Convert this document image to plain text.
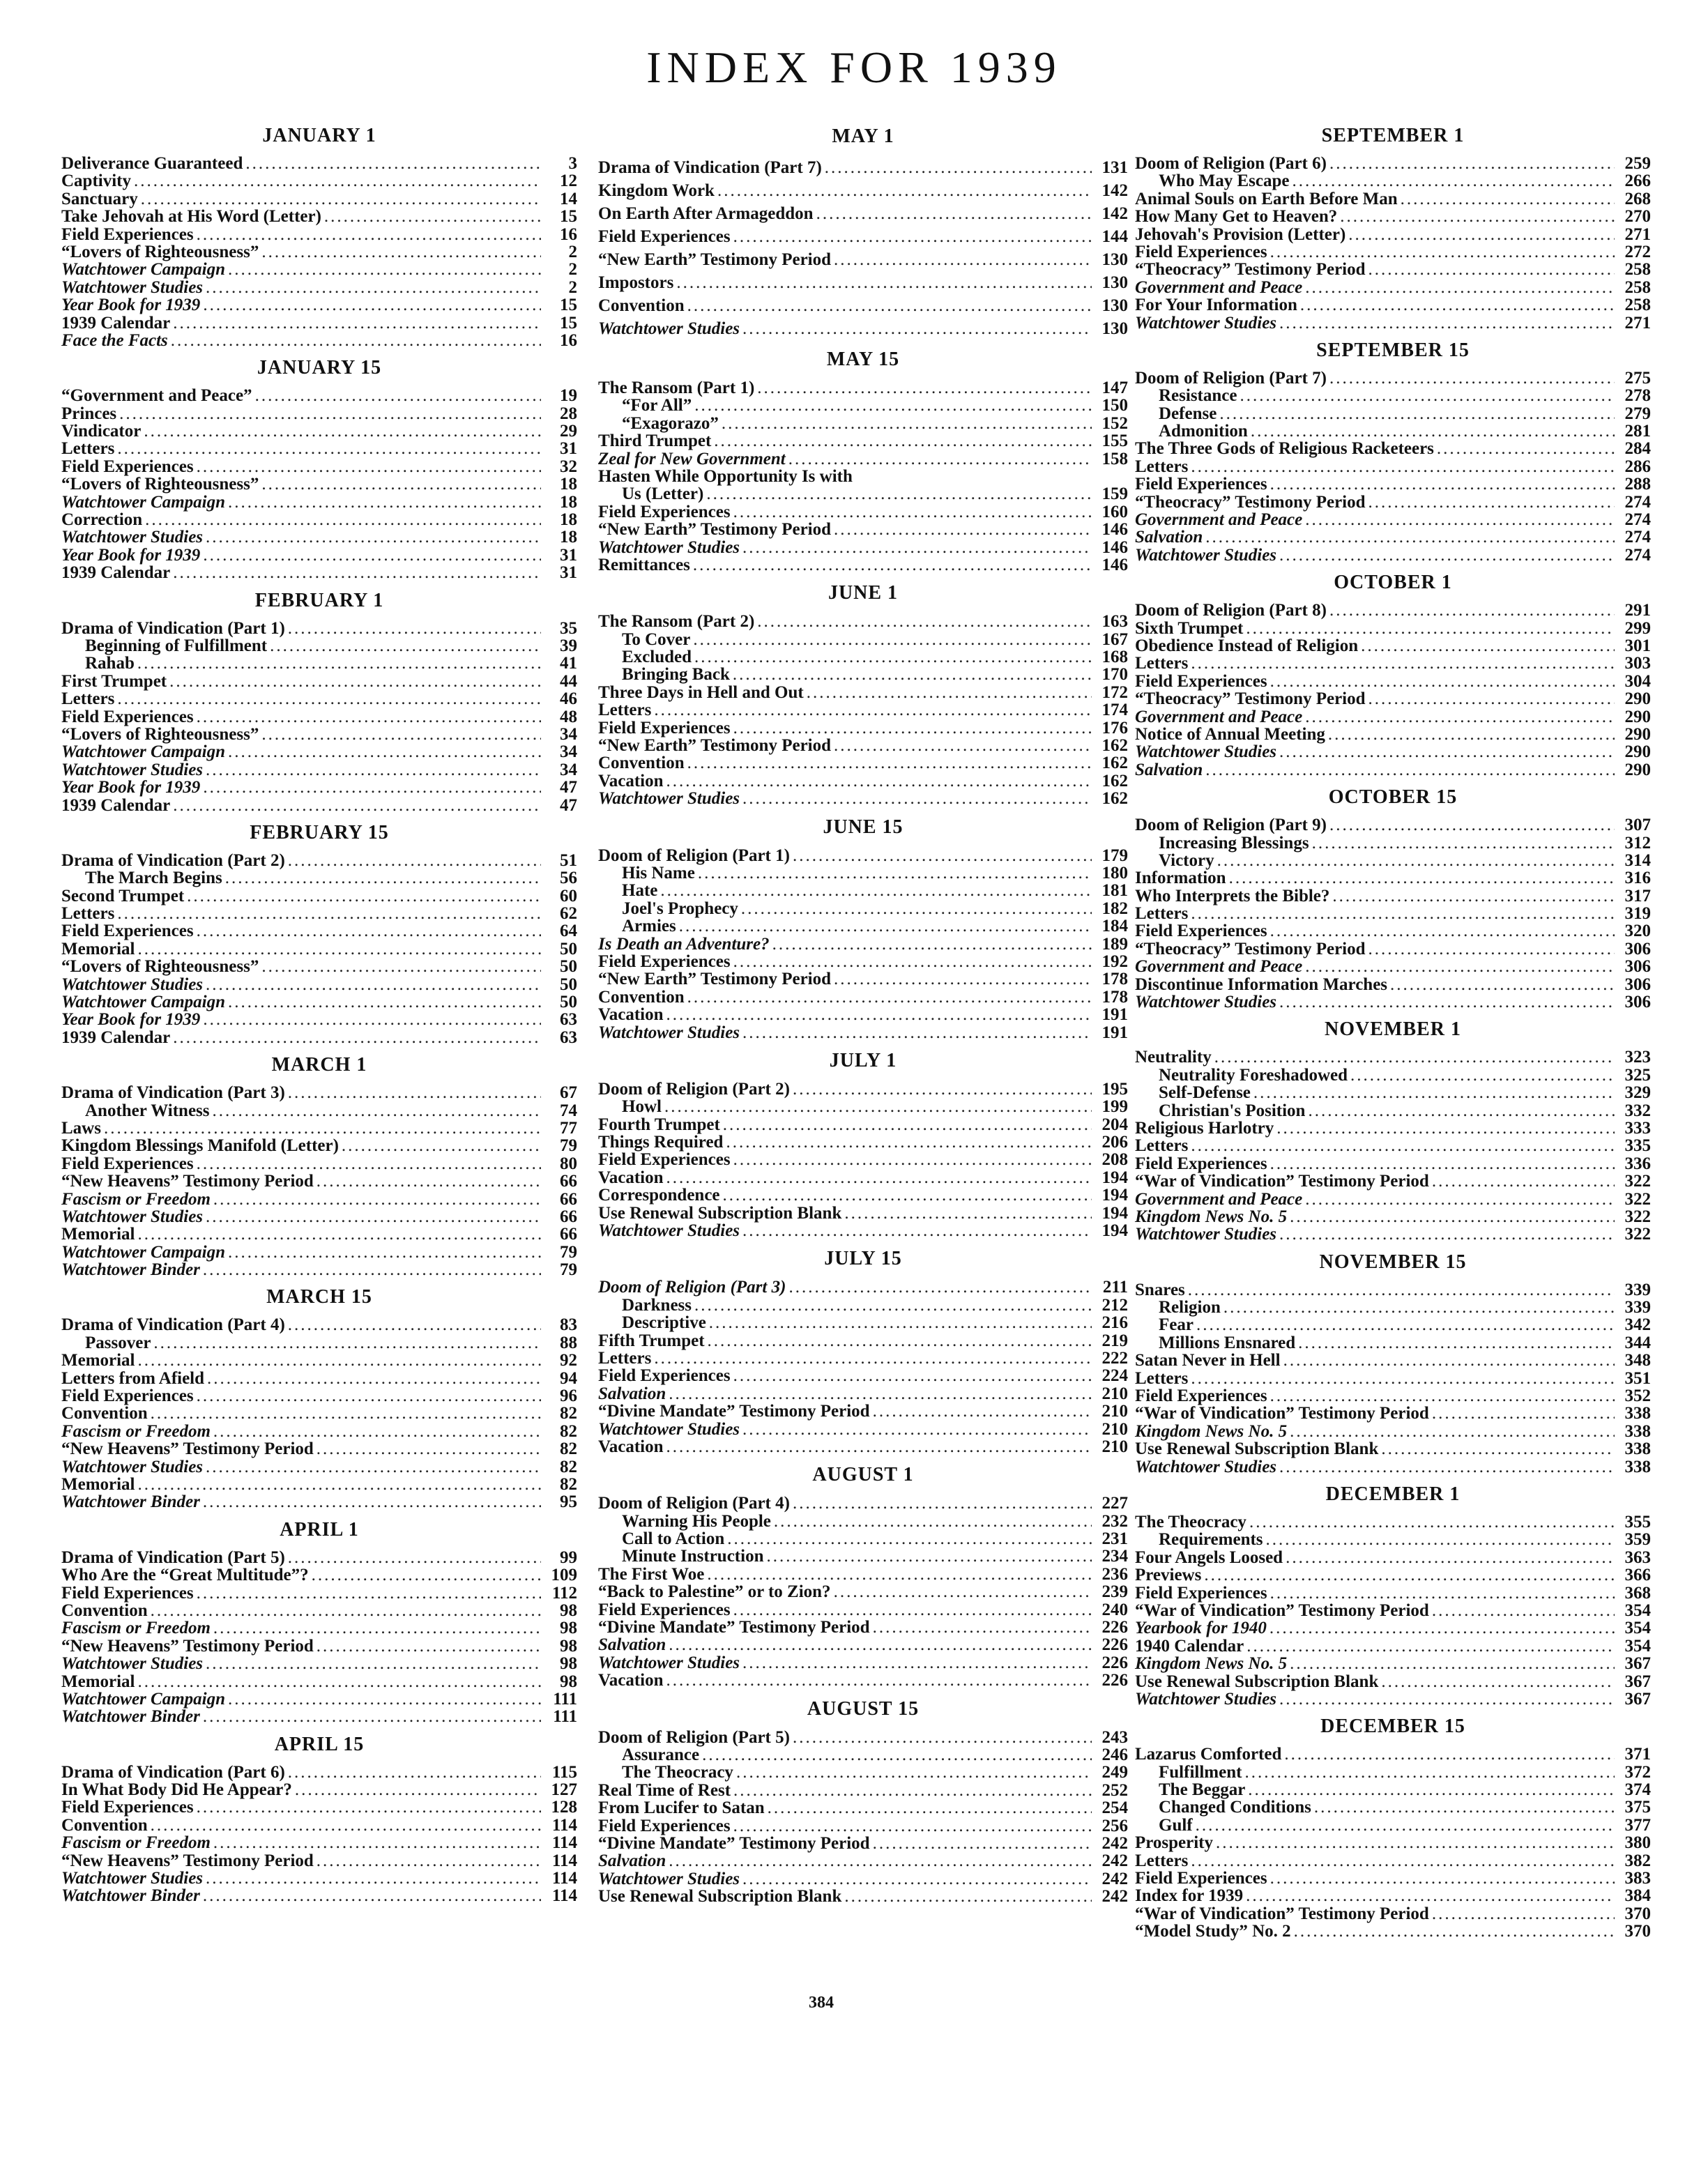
INDEX FOR 1939
JANUARY 1
Deliverance Guaranteed .....	3
Captivity .....	12
Sanctuary .....	14
Take Jehovah at His Word (Letter) .....	15
Field Experiences .....	16
“Lovers of Righteousness” .....	2
Watchtower Campaign .....	2
Watchtower Studies .....	2
Year Book for 1939 .....	15
1939 Calendar .....	15
Face the Facts .....	16
JANUARY 15
“Government and Peace” .....	19
Princes .....	28
Vindicator .....	29
Letters .....	31
Field Experiences .....	32
“Lovers of Righteousness” .....	18
Watchtower Campaign .....	18
Correction .....	18
Watchtower Studies .....	18
Year Book for 1939 .....	31
1939 Calendar .....	31
FEBRUARY 1
Drama of Vindication (Part 1) .....	35
Beginning of Fulfillment .....	39
Rahab .....	41
First Trumpet .....	44
Letters .....	46
Field Experiences .....	48
“Lovers of Righteousness” .....	34
Watchtower Campaign .....	34
Watchtower Studies .....	34
Year Book for 1939 .....	47
1939 Calendar .....	47
FEBRUARY 15
Drama of Vindication (Part 2) .....	51
The March Begins .....	56
Second Trumpet .....	60
Letters .....	62
Field Experiences .....	64
Memorial .....	50
“Lovers of Righteousness” .....	50
Watchtower Studies .....	50
Watchtower Campaign .....	50
Year Book for 1939 .....	63
1939 Calendar .....	63
MARCH 1
Drama of Vindication (Part 3) .....	67
Another Witness .....	74
Laws .....	77
Kingdom Blessings Manifold (Letter) .....	79
Field Experiences .....	80
“New Heavens” Testimony Period .....	66
Fascism or Freedom .....	66
Watchtower Studies .....	66
Memorial .....	66
Watchtower Campaign .....	79
Watchtower Binder .....	79
MARCH 15
Drama of Vindication (Part 4) .....	83
Passover .....	88
Memorial .....	92
Letters from Afield .....	94
Field Experiences .....	96
Convention .....	82
Fascism or Freedom .....	82
“New Heavens” Testimony Period .....	82
Watchtower Studies .....	82
Memorial .....	82
Watchtower Binder .....	95
APRIL 1
Drama of Vindication (Part 5) .....	99
Who Are the “Great Multitude”? .....	109
Field Experiences .....	112
Convention .....	98
Fascism or Freedom .....	98
“New Heavens” Testimony Period .....	98
Watchtower Studies .....	98
Memorial .....	98
Watchtower Campaign .....	111
Watchtower Binder .....	111
APRIL 15
Drama of Vindication (Part 6) .....	115
In What Body Did He Appear? .....	127
Field Experiences .....	128
Convention .....	114
Fascism or Freedom .....	114
“New Heavens” Testimony Period .....	114
Watchtower Studies .....	114
Watchtower Binder .....	114
MAY 1
Drama of Vindication (Part 7) .....	131
Kingdom Work .....	142
On Earth After Armageddon .....	142
Field Experiences .....	144
“New Earth” Testimony Period .....	130
Impostors .....	130
Convention .....	130
Watchtower Studies .....	130
MAY 15
The Ransom (Part 1) .....	147
“For All” .....	150
“Exagorazo” .....	152
Third Trumpet .....	155
Zeal for New Government .....	158
Hasten While Opportunity Is with
Us (Letter) .....	159
Field Experiences .....	160
“New Earth” Testimony Period .....	146
Watchtower Studies .....	146
Remittances .....	146
JUNE 1
The Ransom (Part 2) .....	163
To Cover .....	167
Excluded .....	168
Bringing Back .....	170
Three Days in Hell and Out .....	172
Letters .....	174
Field Experiences .....	176
“New Earth” Testimony Period .....	162
Convention .....	162
Vacation .....	162
Watchtower Studies .....	162
JUNE 15
Doom of Religion (Part 1) .....	179
His Name .....	180
Hate .....	181
Joel's Prophecy .....	182
Armies .....	184
Is Death an Adventure? .....	189
Field Experiences .....	192
“New Earth” Testimony Period .....	178
Convention .....	178
Vacation .....	191
Watchtower Studies .....	191
JULY 1
Doom of Religion (Part 2) .....	195
Howl .....	199
Fourth Trumpet .....	204
Things Required .....	206
Field Experiences .....	208
Vacation .....	194
Correspondence .....	194
Use Renewal Subscription Blank .....	194
Watchtower Studies .....	194
JULY 15
Doom of Religion (Part 3) .....	211
Darkness .....	212
Descriptive .....	216
Fifth Trumpet .....	219
Letters .....	222
Field Experiences .....	224
Salvation .....	210
“Divine Mandate” Testimony Period .....	210
Watchtower Studies .....	210
Vacation .....	210
AUGUST 1
Doom of Religion (Part 4) .....	227
Warning His People .....	232
Call to Action .....	231
Minute Instruction .....	234
The First Woe .....	236
“Back to Palestine” or to Zion? .....	239
Field Experiences .....	240
“Divine Mandate” Testimony Period .....	226
Salvation .....	226
Watchtower Studies .....	226
Vacation .....	226
AUGUST 15
Doom of Religion (Part 5) .....	243
Assurance .....	246
The Theocracy .....	249
Real Time of Rest .....	252
From Lucifer to Satan .....	254
Field Experiences .....	256
“Divine Mandate” Testimony Period .....	242
Salvation .....	242
Watchtower Studies .....	242
Use Renewal Subscription Blank .....	242
SEPTEMBER 1
Doom of Religion (Part 6) .....	259
Who May Escape .....	266
Animal Souls on Earth Before Man .....	268
How Many Get to Heaven? .....	270
Jehovah's Provision (Letter) .....	271
Field Experiences .....	272
“Theocracy” Testimony Period .....	258
Government and Peace .....	258
For Your Information .....	258
Watchtower Studies .....	271
SEPTEMBER 15
Doom of Religion (Part 7) .....	275
Resistance .....	278
Defense .....	279
Admonition .....	281
The Three Gods of Religious Racketeers .....	284
Letters .....	286
Field Experiences .....	288
“Theocracy” Testimony Period .....	274
Government and Peace .....	274
Salvation .....	274
Watchtower Studies .....	274
OCTOBER 1
Doom of Religion (Part 8) .....	291
Sixth Trumpet .....	299
Obedience Instead of Religion .....	301
Letters .....	303
Field Experiences .....	304
“Theocracy” Testimony Period .....	290
Government and Peace .....	290
Notice of Annual Meeting .....	290
Watchtower Studies .....	290
Salvation .....	290
OCTOBER 15
Doom of Religion (Part 9) .....	307
Increasing Blessings .....	312
Victory .....	314
Information .....	316
Who Interprets the Bible? .....	317
Letters .....	319
Field Experiences .....	320
“Theocracy” Testimony Period .....	306
Government and Peace .....	306
Discontinue Information Marches .....	306
Watchtower Studies .....	306
NOVEMBER 1
Neutrality .....	323
Neutrality Foreshadowed .....	325
Self-Defense .....	329
Christian's Position .....	332
Religious Harlotry .....	333
Letters .....	335
Field Experiences .....	336
“War of Vindication” Testimony Period .....	322
Government and Peace .....	322
Kingdom News No. 5 .....	322
Watchtower Studies .....	322
NOVEMBER 15
Snares .....	339
Religion .....	339
Fear .....	342
Millions Ensnared .....	344
Satan Never in Hell .....	348
Letters .....	351
Field Experiences .....	352
“War of Vindication” Testimony Period .....	338
Kingdom News No. 5 .....	338
Use Renewal Subscription Blank .....	338
Watchtower Studies .....	338
DECEMBER 1
The Theocracy .....	355
Requirements .....	359
Four Angels Loosed .....	363
Previews .....	366
Field Experiences .....	368
“War of Vindication” Testimony Period .....	354
Yearbook for 1940 .....	354
1940 Calendar .....	354
Kingdom News No. 5 .....	367
Use Renewal Subscription Blank .....	367
Watchtower Studies .....	367
DECEMBER 15
Lazarus Comforted .....	371
Fulfillment .....	372
The Beggar .....	374
Changed Conditions .....	375
Gulf .....	377
Prosperity .....	380
Letters .....	382
Field Experiences .....	383
Index for 1939 .....	384
“War of Vindication” Testimony Period .....	370
“Model Study” No. 2 .....	370
384
